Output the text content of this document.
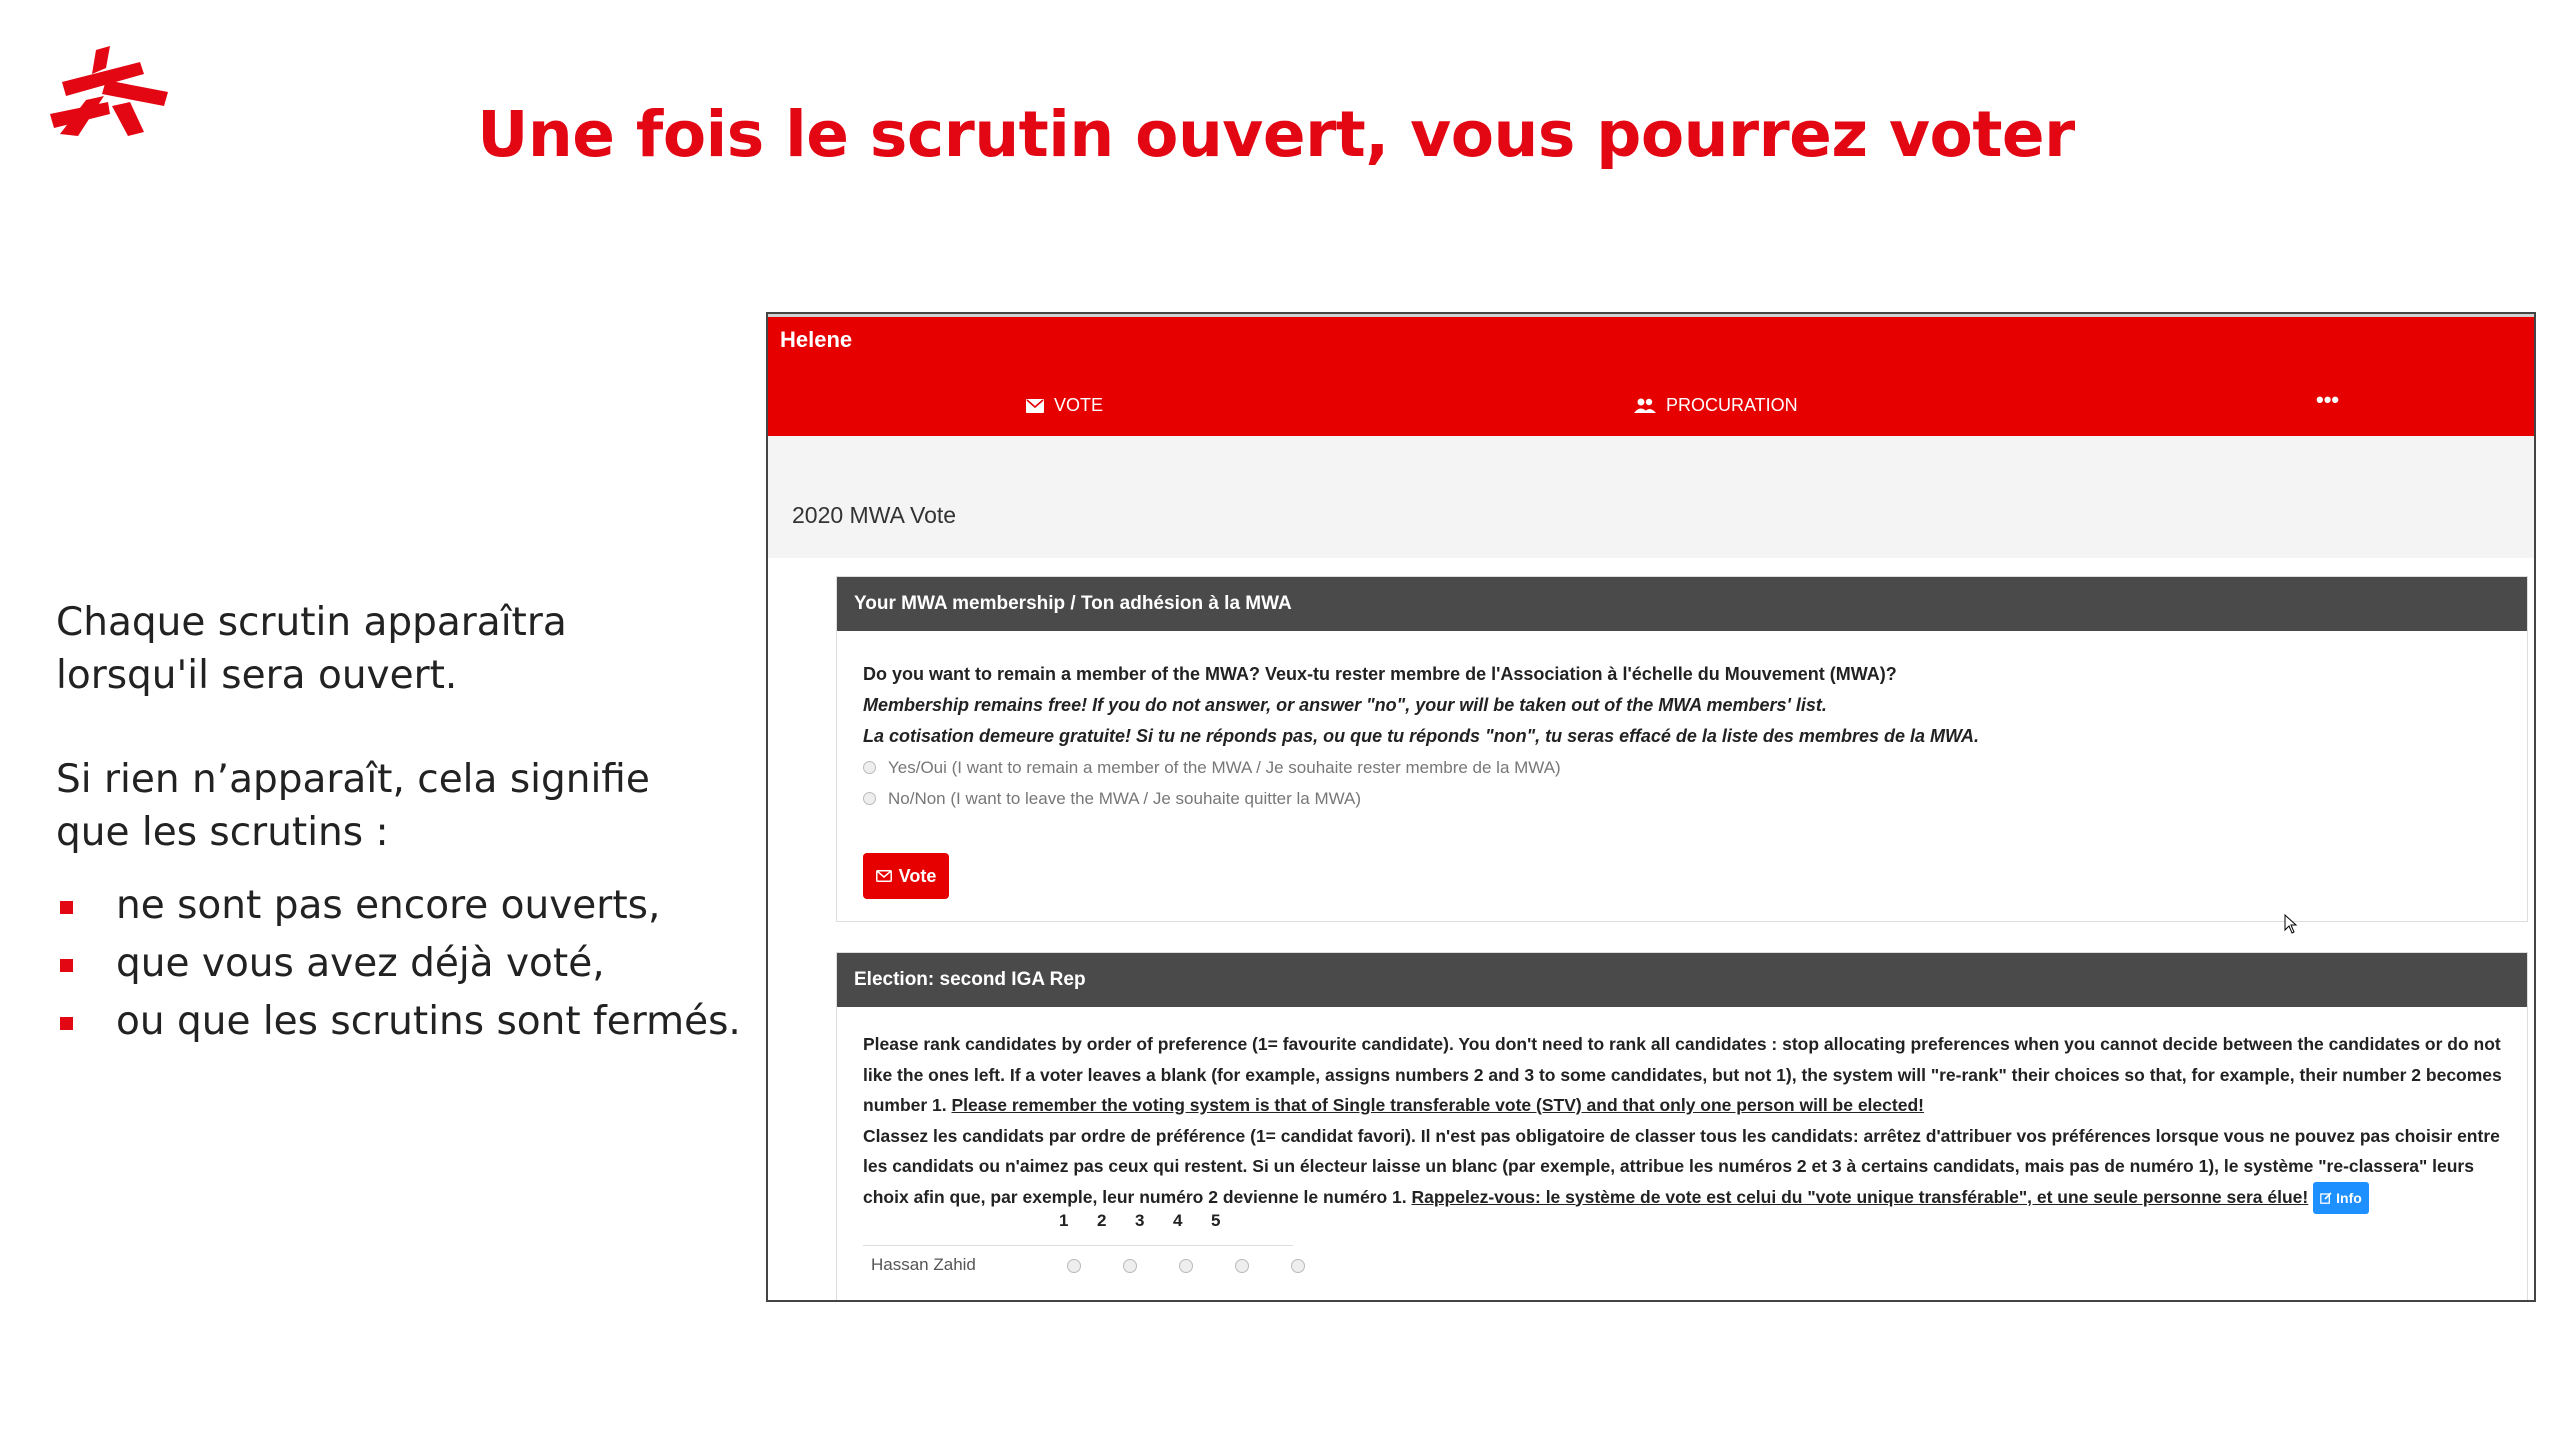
Une fois le scrutin ouvert, vous pourrez voter

Chaque scrutin apparaîtra

lorsqu'il sera ouvert.

Si rien n’apparaît, cela signifie

que les scrutins :

ne sont pas encore ouverts,
que vous avez déjà voté,
ou que les scrutins sont fermés.
Helene
VOTE	PROCURATION	•••
2020 MWA Vote
Your MWA membership / Ton adhésion à la MWA
Do you want to remain a member of the MWA? Veux-tu rester membre de l'Association à l'échelle du Mouvement (MWA)?
Membership remains free! If you do not answer, or answer "no", your will be taken out of the MWA members' list.
La cotisation demeure gratuite! Si tu ne réponds pas, ou que tu réponds "non", tu seras effacé de la liste des membres de la MWA.
Yes/Oui (I want to remain a member of the MWA / Je souhaite rester membre de la MWA)
No/Non (I want to leave the MWA / Je souhaite quitter la MWA)
Vote
Election: second IGA Rep
Please rank candidates by order of preference (1= favourite candidate). You don't need to rank all candidates : stop allocating preferences when you cannot decide between the candidates or do not like the ones left. If a voter leaves a blank (for example, assigns numbers 2 and 3 to some candidates, but not 1), the system will "re-rank" their choices so that, for example, their number 2 becomes number 1. Please remember the voting system is that of Single transferable vote (STV) and that only one person will be elected!
Classez les candidats par ordre de préférence (1= candidat favori). Il n'est pas obligatoire de classer tous les candidats: arrêtez d'attribuer vos préférences lorsque vous ne pouvez pas choisir entre les candidats ou n'aimez pas ceux qui restent. Si un électeur laisse un blanc (par exemple, attribue les numéros 2 et 3 à certains candidats, mais pas de numéro 1), le système "re-classera" leurs choix afin que, par exemple, leur numéro 2 devienne le numéro 1. Rappelez-vous: le système de vote est celui du "vote unique transférable", et une seule personne sera élue! Info
1	2	3	4	5
Hassan Zahid
